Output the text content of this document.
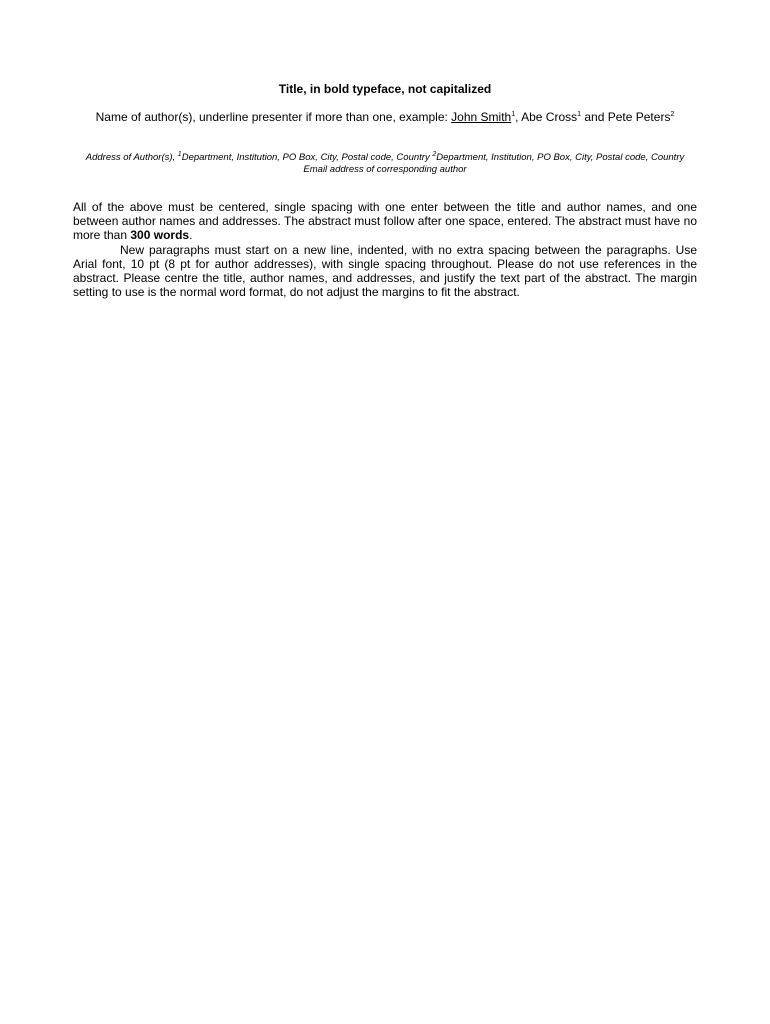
Title, in bold typeface, not capitalized
Name of author(s), underline presenter if more than one, example: John Smith$^1$, Abe Cross$^1$ and Pete Peters$^2$
Address of Author(s), $^1$Department, Institution, PO Box, City, Postal code, Country $^2$Department, Institution, PO Box, City, Postal code, Country
Email address of corresponding author

All of the above must be centered, single spacing with one enter between the title and author names, and one between author names and addresses. The abstract must follow after one space, entered. The abstract must have no more than 300 words.

New paragraphs must start on a new line, indented, with no extra spacing between the paragraphs. Use Arial font, 10 pt (8 pt for author addresses), with single spacing throughout. Please do not use references in the abstract. Please centre the title, author names, and addresses, and justify the text part of the abstract. The margin setting to use is the normal word format, do not adjust the margins to fit the abstract.
